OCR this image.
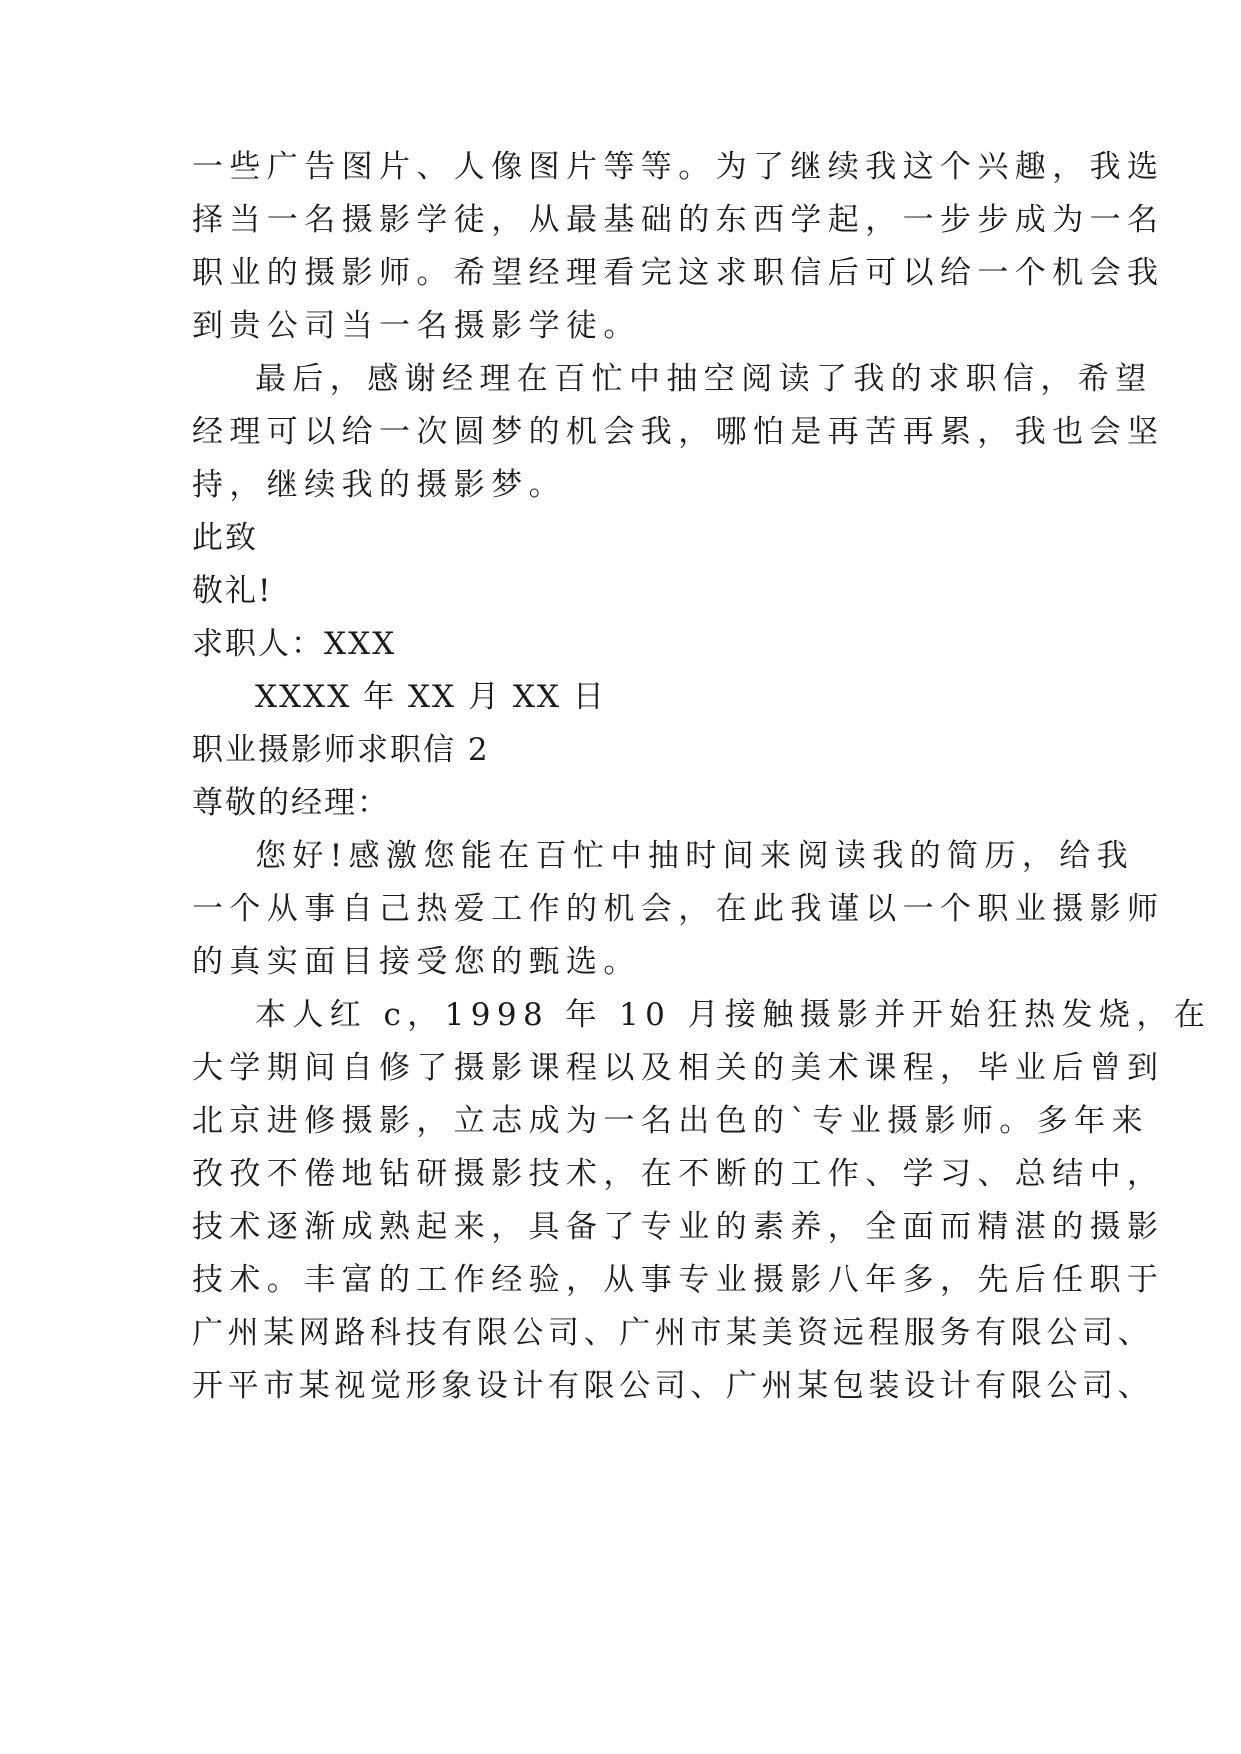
一些广告图片、人像图片等等。为了继续我这个兴趣，我选
择当一名摄影学徒，从最基础的东西学起，一步步成为一名
职业的摄影师。希望经理看完这求职信后可以给一个机会我
到贵公司当一名摄影学徒。
最后，感谢经理在百忙中抽空阅读了我的求职信，希望
经理可以给一次圆梦的机会我，哪怕是再苦再累，我也会坚
持，继续我的摄影梦。
此致
敬礼!
求职人：XXX
XXXX 年 XX 月 XX 日
职业摄影师求职信 2
尊敬的经理：
您好!感激您能在百忙中抽时间来阅读我的简历，给我
一个从事自己热爱工作的机会，在此我谨以一个职业摄影师
的真实面目接受您的甄选。
本人红 c，1998 年 10 月接触摄影并开始狂热发烧，在
大学期间自修了摄影课程以及相关的美术课程，毕业后曾到
北京进修摄影，立志成为一名出色的`专业摄影师。多年来
孜孜不倦地钻研摄影技术，在不断的工作、学习、总结中，
技术逐渐成熟起来，具备了专业的素养，全面而精湛的摄影
技术。丰富的工作经验，从事专业摄影八年多，先后任职于
广州某网路科技有限公司、广州市某美资远程服务有限公司、
开平市某视觉形象设计有限公司、广州某包装设计有限公司、
